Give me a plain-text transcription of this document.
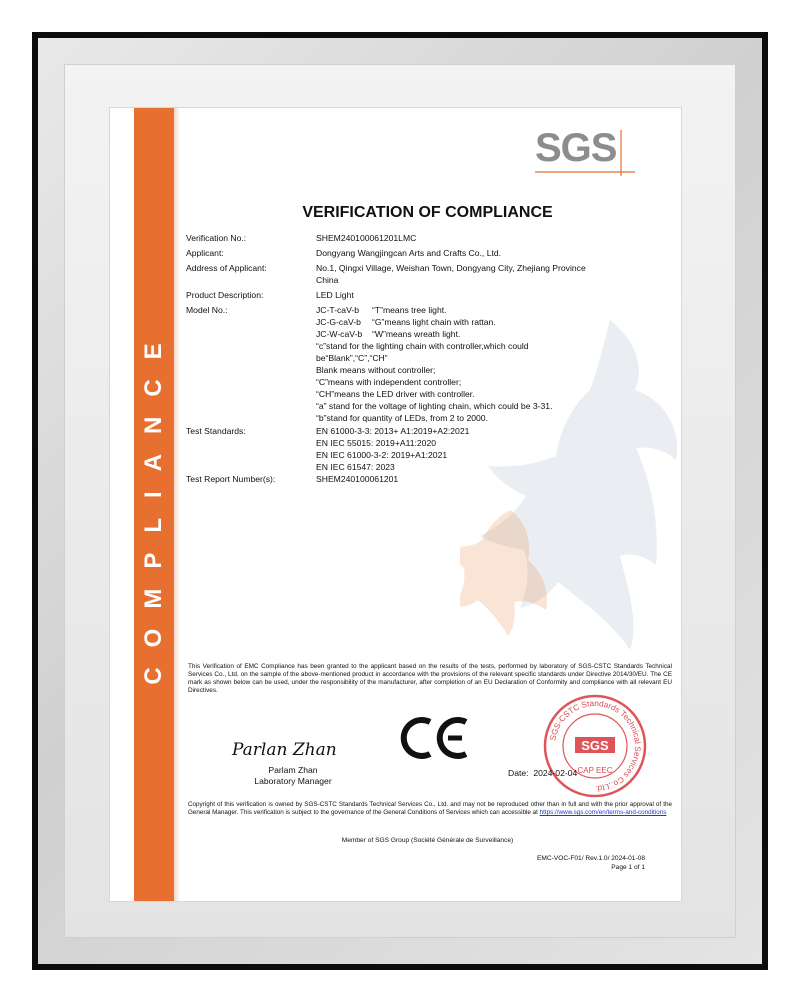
COMPLIANCE
SGS
VERIFICATION OF COMPLIANCE
Verification No.:	SHEM240100061201LMC
Applicant:	Dongyang Wangjingcan Arts and Crafts Co., Ltd.
Address of Applicant:	No.1, Qingxi Village, Weishan Town, Dongyang City, Zhejiang Province
China
Product Description:	LED Light
Model No.:	JC-T-caV-b	“T”means tree light.
JC-G-caV-b	“G”means light chain with rattan.
JC-W-caV-b	“W”means wreath light.
“c”stand for the lighting chain with controller,which could
be“Blank”,“C”,“CH”
Blank means without controller;
“C”means with independent controller;
“CH”means the LED driver with controller.
“a” stand for the voltage of lighting chain, which could be 3-31.
“b”stand for quantity of LEDs, from 2 to 2000.
Test Standards:	EN 61000-3-3: 2013+ A1:2019+A2:2021
EN IEC 55015: 2019+A11:2020
EN IEC 61000-3-2: 2019+A1:2021
EN IEC 61547: 2023
Test Report Number(s):	SHEM240100061201
This Verification of EMC Compliance has been granted to the applicant based on the results of the tests, performed by laboratory of SGS-CSTC Standards Technical Services Co., Ltd. on the sample of the above-mentioned product in accordance with the provisions of the relevant specific standards under Directive 2014/30/EU. The CE mark as shown below can be used, under the responsibility of the manufacturer, after completion of an EU Declaration of Conformity and compliance with all relevant EU Directives.
Parlan Zhan
Parlam Zhan
Laboratory Manager
SGS-CSTC Standards Technical Services Co.,Ltd.
SGS
CAP EEC
Date: 2024-02-04
Copyright of this verification is owned by SGS-CSTC Standards Technical Services Co., Ltd. and may not be reproduced other than in full and with the prior approval of the General Manager. This verification is subject to the governance of the General Conditions of Services which can accessible at https://www.sgs.com/en/terms-and-conditions
Member of SGS Group (Société Générale de Surveillance)
EMC-VOC-F01/ Rev.1.0/ 2024-01-08
Page 1 of 1
